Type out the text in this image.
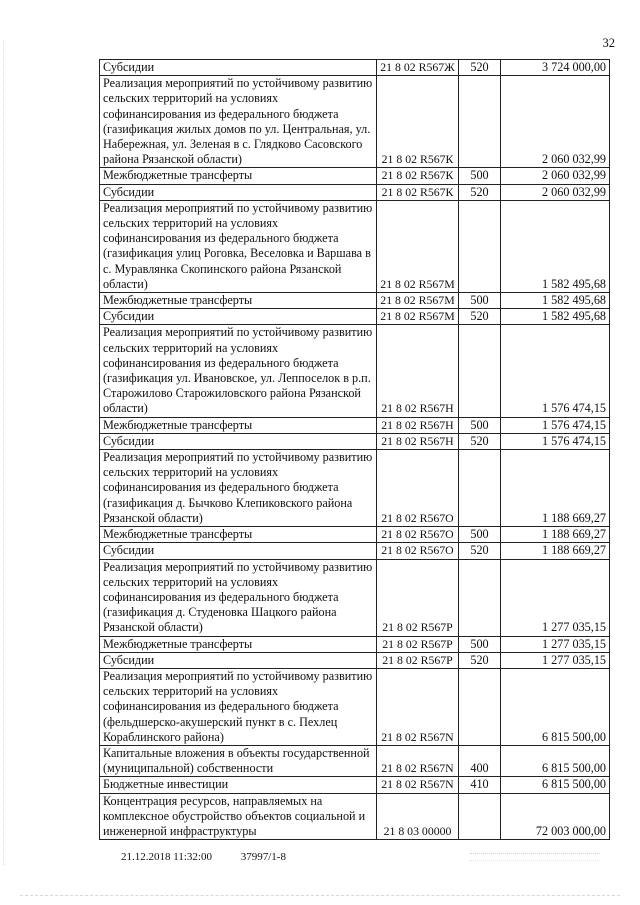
32
Субсидии	21 8 02 R567Ж	520	3 724 000,00
Реализация мероприятий по устойчивому развитию сельских территорий на условиях софинансирования из федерального бюджета (газификация жилых домов по ул. Центральная, ул. Набережная, ул. Зеленая в с. Глядково Сасовского района Рязанской области)	21 8 02 R567К		2 060 032,99
Межбюджетные трансферты	21 8 02 R567К	500	2 060 032,99
Субсидии	21 8 02 R567К	520	2 060 032,99
Реализация мероприятий по устойчивому развитию сельских территорий на условиях софинансирования из федерального бюджета (газификация улиц Роговка, Веселовка и Варшава в с. Муравлянка Скопинского района Рязанской области)	21 8 02 R567М		1 582 495,68
Межбюджетные трансферты	21 8 02 R567М	500	1 582 495,68
Субсидии	21 8 02 R567М	520	1 582 495,68
Реализация мероприятий по устойчивому развитию сельских территорий на условиях софинансирования из федерального бюджета (газификация ул. Ивановское, ул. Леппоселок в р.п. Старожилово Старожиловского района Рязанской области)	21 8 02 R567Н		1 576 474,15
Межбюджетные трансферты	21 8 02 R567Н	500	1 576 474,15
Субсидии	21 8 02 R567Н	520	1 576 474,15
Реализация мероприятий по устойчивому развитию сельских территорий на условиях софинансирования из федерального бюджета (газификация д. Бычково Клепиковского района Рязанской области)	21 8 02 R567О		1 188 669,27
Межбюджетные трансферты	21 8 02 R567О	500	1 188 669,27
Субсидии	21 8 02 R567О	520	1 188 669,27
Реализация мероприятий по устойчивому развитию сельских территорий на условиях софинансирования из федерального бюджета (газификация д. Студеновка Шацкого района Рязанской области)	21 8 02 R567Р		1 277 035,15
Межбюджетные трансферты	21 8 02 R567Р	500	1 277 035,15
Субсидии	21 8 02 R567Р	520	1 277 035,15
Реализация мероприятий по устойчивому развитию сельских территорий на условиях софинансирования из федерального бюджета (фельдшерско-акушерский пункт в с. Пехлец Кораблинского района)	21 8 02 R567N		6 815 500,00
Капитальные вложения в объекты государственной (муниципальной) собственности	21 8 02 R567N	400	6 815 500,00
Бюджетные инвестиции	21 8 02 R567N	410	6 815 500,00
Концентрация ресурсов, направляемых на комплексное обустройство объектов социальной и инженерной инфраструктуры	21 8 03 00000		72 003 000,00
21.12.2018 11:32:00	37997/1-8
